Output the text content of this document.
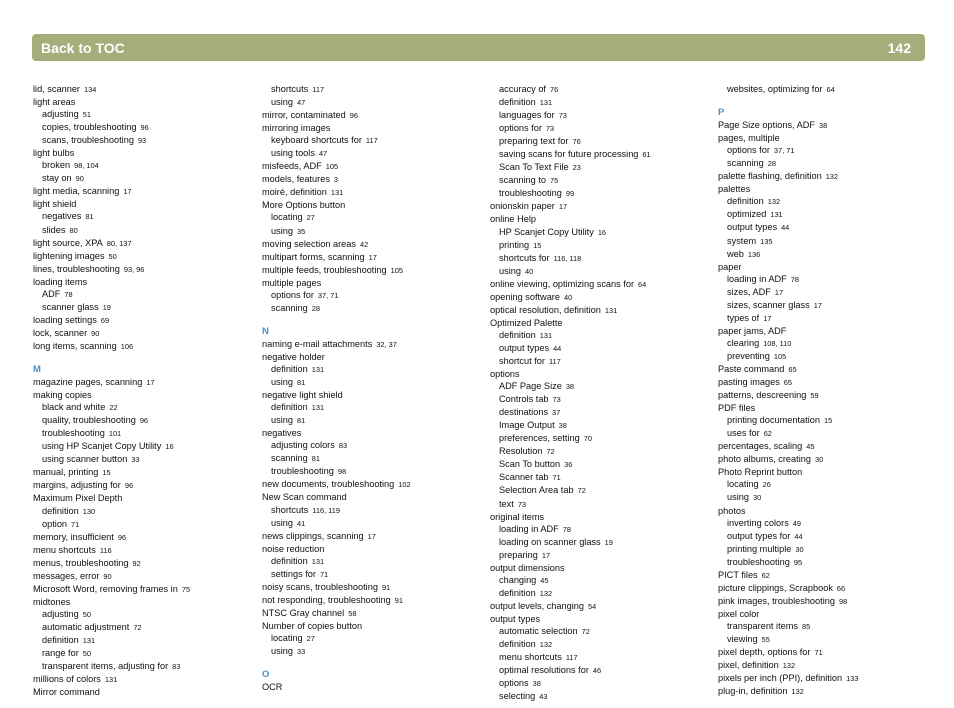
Back to TOC	142
lid, scanner 134
light areas
adjusting 51
copies, troubleshooting 96
scans, troubleshooting 93
light bulbs
broken 98, 104
stay on 90
light media, scanning 17
light shield
negatives 81
slides 80
light source, XPA 80, 137
lightening images 50
lines, troubleshooting 93, 96
loading items
ADF 78
scanner glass 19
loading settings 69
lock, scanner 90
long items, scanning 106
M
magazine pages, scanning 17
making copies
black and white 22
quality, troubleshooting 96
troubleshooting 101
using HP Scanjet Copy Utility 16
using scanner button 33
manual, printing 15
margins, adjusting for 96
Maximum Pixel Depth
definition 130
option 71
memory, insufficient 96
menu shortcuts 116
menus, troubleshooting 92
messages, error 90
Microsoft Word, removing frames in 75
midtones
adjusting 50
automatic adjustment 72
definition 131
range for 50
transparent items, adjusting for 83
millions of colors 131
Mirror command
shortcuts 117
using 47
mirror, contaminated 96
mirroring images
keyboard shortcuts for 117
using tools 47
misfeeds, ADF 105
models, features 3
moiré, definition 131
More Options button
locating 27
using 35
moving selection areas 42
multipart forms, scanning 17
multiple feeds, troubleshooting 105
multiple pages
options for 37, 71
scanning 28
N
naming e-mail attachments 32, 37
negative holder
definition 131
using 81
negative light shield
definition 131
using 81
negatives
adjusting colors 83
scanning 81
troubleshooting 98
new documents, troubleshooting 102
New Scan command
shortcuts 116, 119
using 41
news clippings, scanning 17
noise reduction
definition 131
settings for 71
noisy scans, troubleshooting 91
not responding, troubleshooting 91
NTSC Gray channel 58
Number of copies button
locating 27
using 33
O
OCR
accuracy of 76
definition 131
languages for 73
options for 73
preparing text for 76
saving scans for future processing 61
Scan To Text File 23
scanning to 75
troubleshooting 99
onionskin paper 17
online Help
HP Scanjet Copy Utility 16
printing 15
shortcuts for 116, 118
using 40
online viewing, optimizing scans for 64
opening software 40
optical resolution, definition 131
Optimized Palette
definition 131
output types 44
shortcut for 117
options
ADF Page Size 38
Controls tab 73
destinations 37
Image Output 38
preferences, setting 70
Resolution 72
Scan To button 36
Scanner tab 71
Selection Area tab 72
text 73
original items
loading in ADF 78
loading on scanner glass 19
preparing 17
output dimensions
changing 45
definition 132
output levels, changing 54
output types
automatic selection 72
definition 132
menu shortcuts 117
optimal resolutions for 46
options 38
selecting 43
websites, optimizing for 64
P
Page Size options, ADF 38
pages, multiple
options for 37, 71
scanning 28
palette flashing, definition 132
palettes
definition 132
optimized 131
output types 44
system 135
web 136
paper
loading in ADF 78
sizes, ADF 17
sizes, scanner glass 17
types of 17
paper jams, ADF
clearing 108, 110
preventing 105
Paste command 65
pasting images 65
patterns, descreening 59
PDF files
printing documentation 15
uses for 62
percentages, scaling 45
photo albums, creating 30
Photo Reprint button
locating 26
using 30
photos
inverting colors 49
output types for 44
printing multiple 30
troubleshooting 95
PICT files 62
picture clippings, Scrapbook 66
pink images, troubleshooting 98
pixel color
transparent items 85
viewing 55
pixel depth, options for 71
pixel, definition 132
pixels per inch (PPI), definition 133
plug-in, definition 132
